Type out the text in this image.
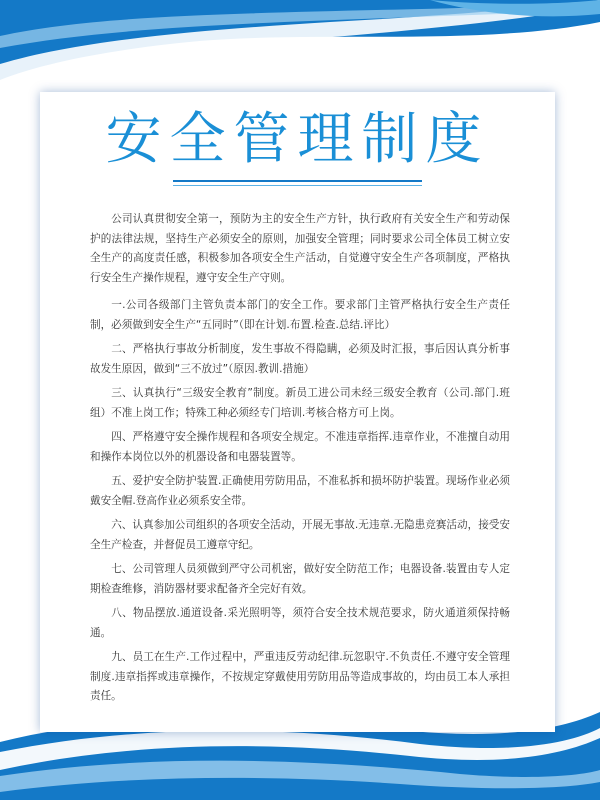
安全管理制度

公司认真贯彻安全第一，预防为主的安全生产方针，执行政府有关安全生产和劳动保护的法律法规，坚持生产必须安全的原则，加强安全管理；同时要求公司全体员工树立安全生产的高度责任感，积极参加各项安全生产活动，自觉遵守安全生产各项制度，严格执行安全生产操作规程，遵守安全生产守则。

一.公司各级部门主管负责本部门的安全工作。要求部门主管严格执行安全生产责任制，必须做到安全生产“五同时”（即在计划.布置.检查.总结.评比）

二、严格执行事故分析制度，发生事故不得隐瞒，必须及时汇报，事后因认真分析事故发生原因，做到“三不放过”（原因.教训.措施）

三、认真执行“三级安全教育”制度。新员工进公司未经三级安全教育（公司.部门.班组）不准上岗工作；特殊工种必须经专门培训.考核合格方可上岗。

四、严格遵守安全操作规程和各项安全规定。不准违章指挥.违章作业，不准擅自动用和操作本岗位以外的机器设备和电器装置等。

五、爱护安全防护装置.正确使用劳防用品，不准私拆和损坏防护装置。现场作业必须戴安全帽.登高作业必须系安全带。

六、认真参加公司组织的各项安全活动，开展无事故.无违章.无隐患竞赛活动，接受安全生产检查，并督促员工遵章守纪。

七、公司管理人员须做到严守公司机密，做好安全防范工作；电器设备.装置由专人定期检查维修，消防器材要求配备齐全完好有效。

八、物品摆放.通道设备.采光照明等，须符合安全技术规范要求，防火通道须保持畅通。

九、员工在生产.工作过程中，严重违反劳动纪律.玩忽职守.不负责任.不遵守安全管理制度.违章指挥或违章操作，不按规定穿戴使用劳防用品等造成事故的，均由员工本人承担责任。
